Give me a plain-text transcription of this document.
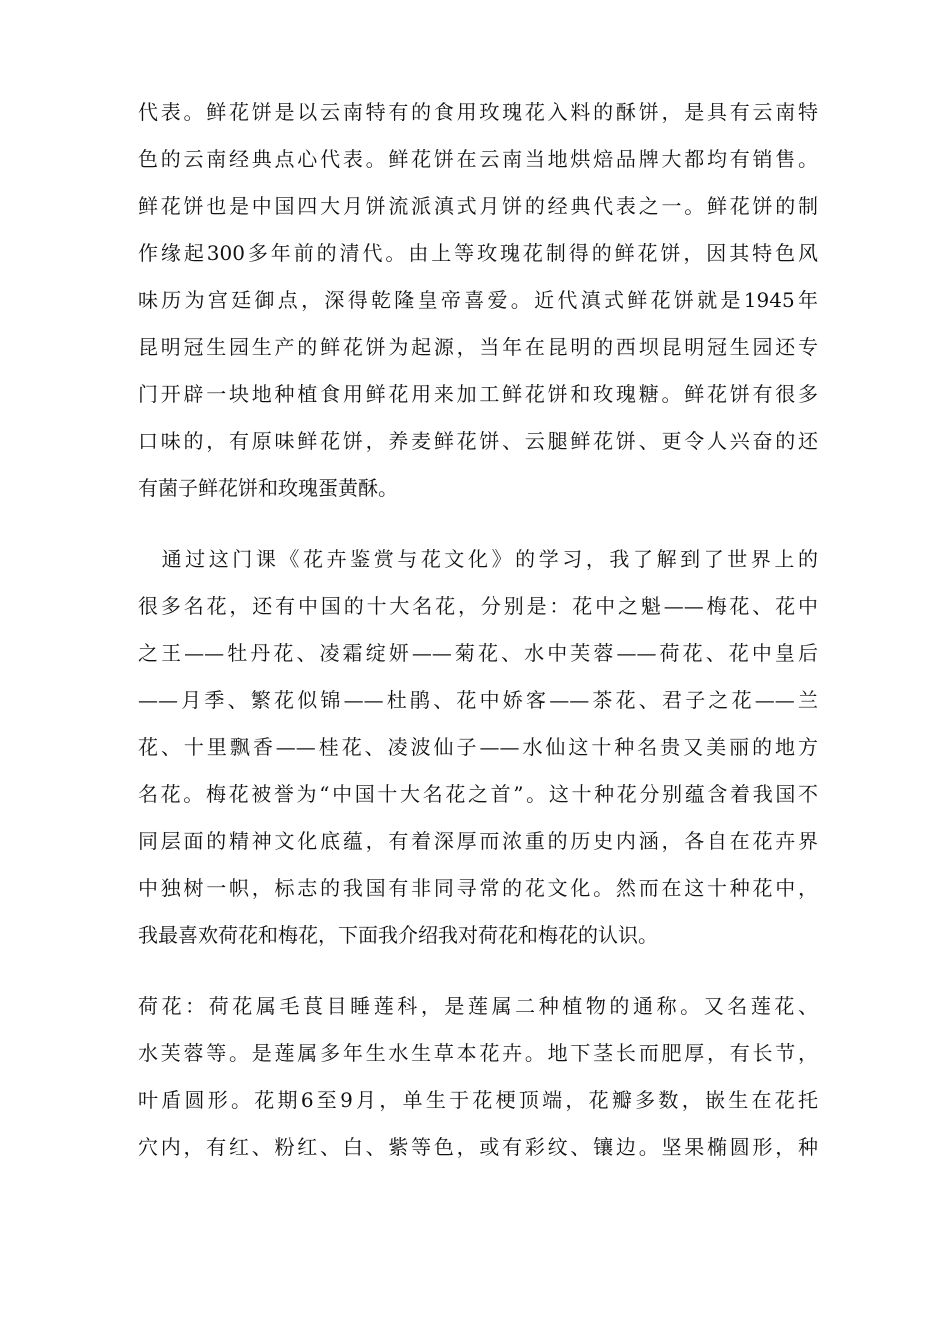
代表。鲜花饼是以云南特有的食用玫瑰花入料的酥饼，是具有云南特
色的云南经典点心代表。鲜花饼在云南当地烘焙品牌大都均有销售。
鲜花饼也是中国四大月饼流派滇式月饼的经典代表之一。鲜花饼的制
作缘起300多年前的清代。由上等玫瑰花制得的鲜花饼，因其特色风
味历为宫廷御点，深得乾隆皇帝喜爱。近代滇式鲜花饼就是1945年
昆明冠生园生产的鲜花饼为起源，当年在昆明的西坝昆明冠生园还专
门开辟一块地种植食用鲜花用来加工鲜花饼和玫瑰糖。鲜花饼有很多
口味的，有原味鲜花饼，养麦鲜花饼、云腿鲜花饼、更令人兴奋的还
有菌子鲜花饼和玫瑰蛋黄酥。
　通过这门课《花卉鉴赏与花文化》的学习，我了解到了世界上的
很多名花，还有中国的十大名花，分别是：花中之魁——梅花、花中
之王——牡丹花、凌霜绽妍——菊花、水中芙蓉——荷花、花中皇后
——月季、繁花似锦——杜鹃、花中娇客——茶花、君子之花——兰
花、十里飘香——桂花、凌波仙子——水仙这十种名贵又美丽的地方
名花。梅花被誉为“中国十大名花之首”。这十种花分别蕴含着我国不
同层面的精神文化底蕴，有着深厚而浓重的历史内涵，各自在花卉界
中独树一帜，标志的我国有非同寻常的花文化。然而在这十种花中，
我最喜欢荷花和梅花，下面我介绍我对荷花和梅花的认识。
荷花：荷花属毛茛目睡莲科，是莲属二种植物的通称。又名莲花、
水芙蓉等。是莲属多年生水生草本花卉。地下茎长而肥厚，有长节，
叶盾圆形。花期6至9月，单生于花梗顶端，花瓣多数，嵌生在花托
穴内，有红、粉红、白、紫等色，或有彩纹、镶边。坚果椭圆形，种
